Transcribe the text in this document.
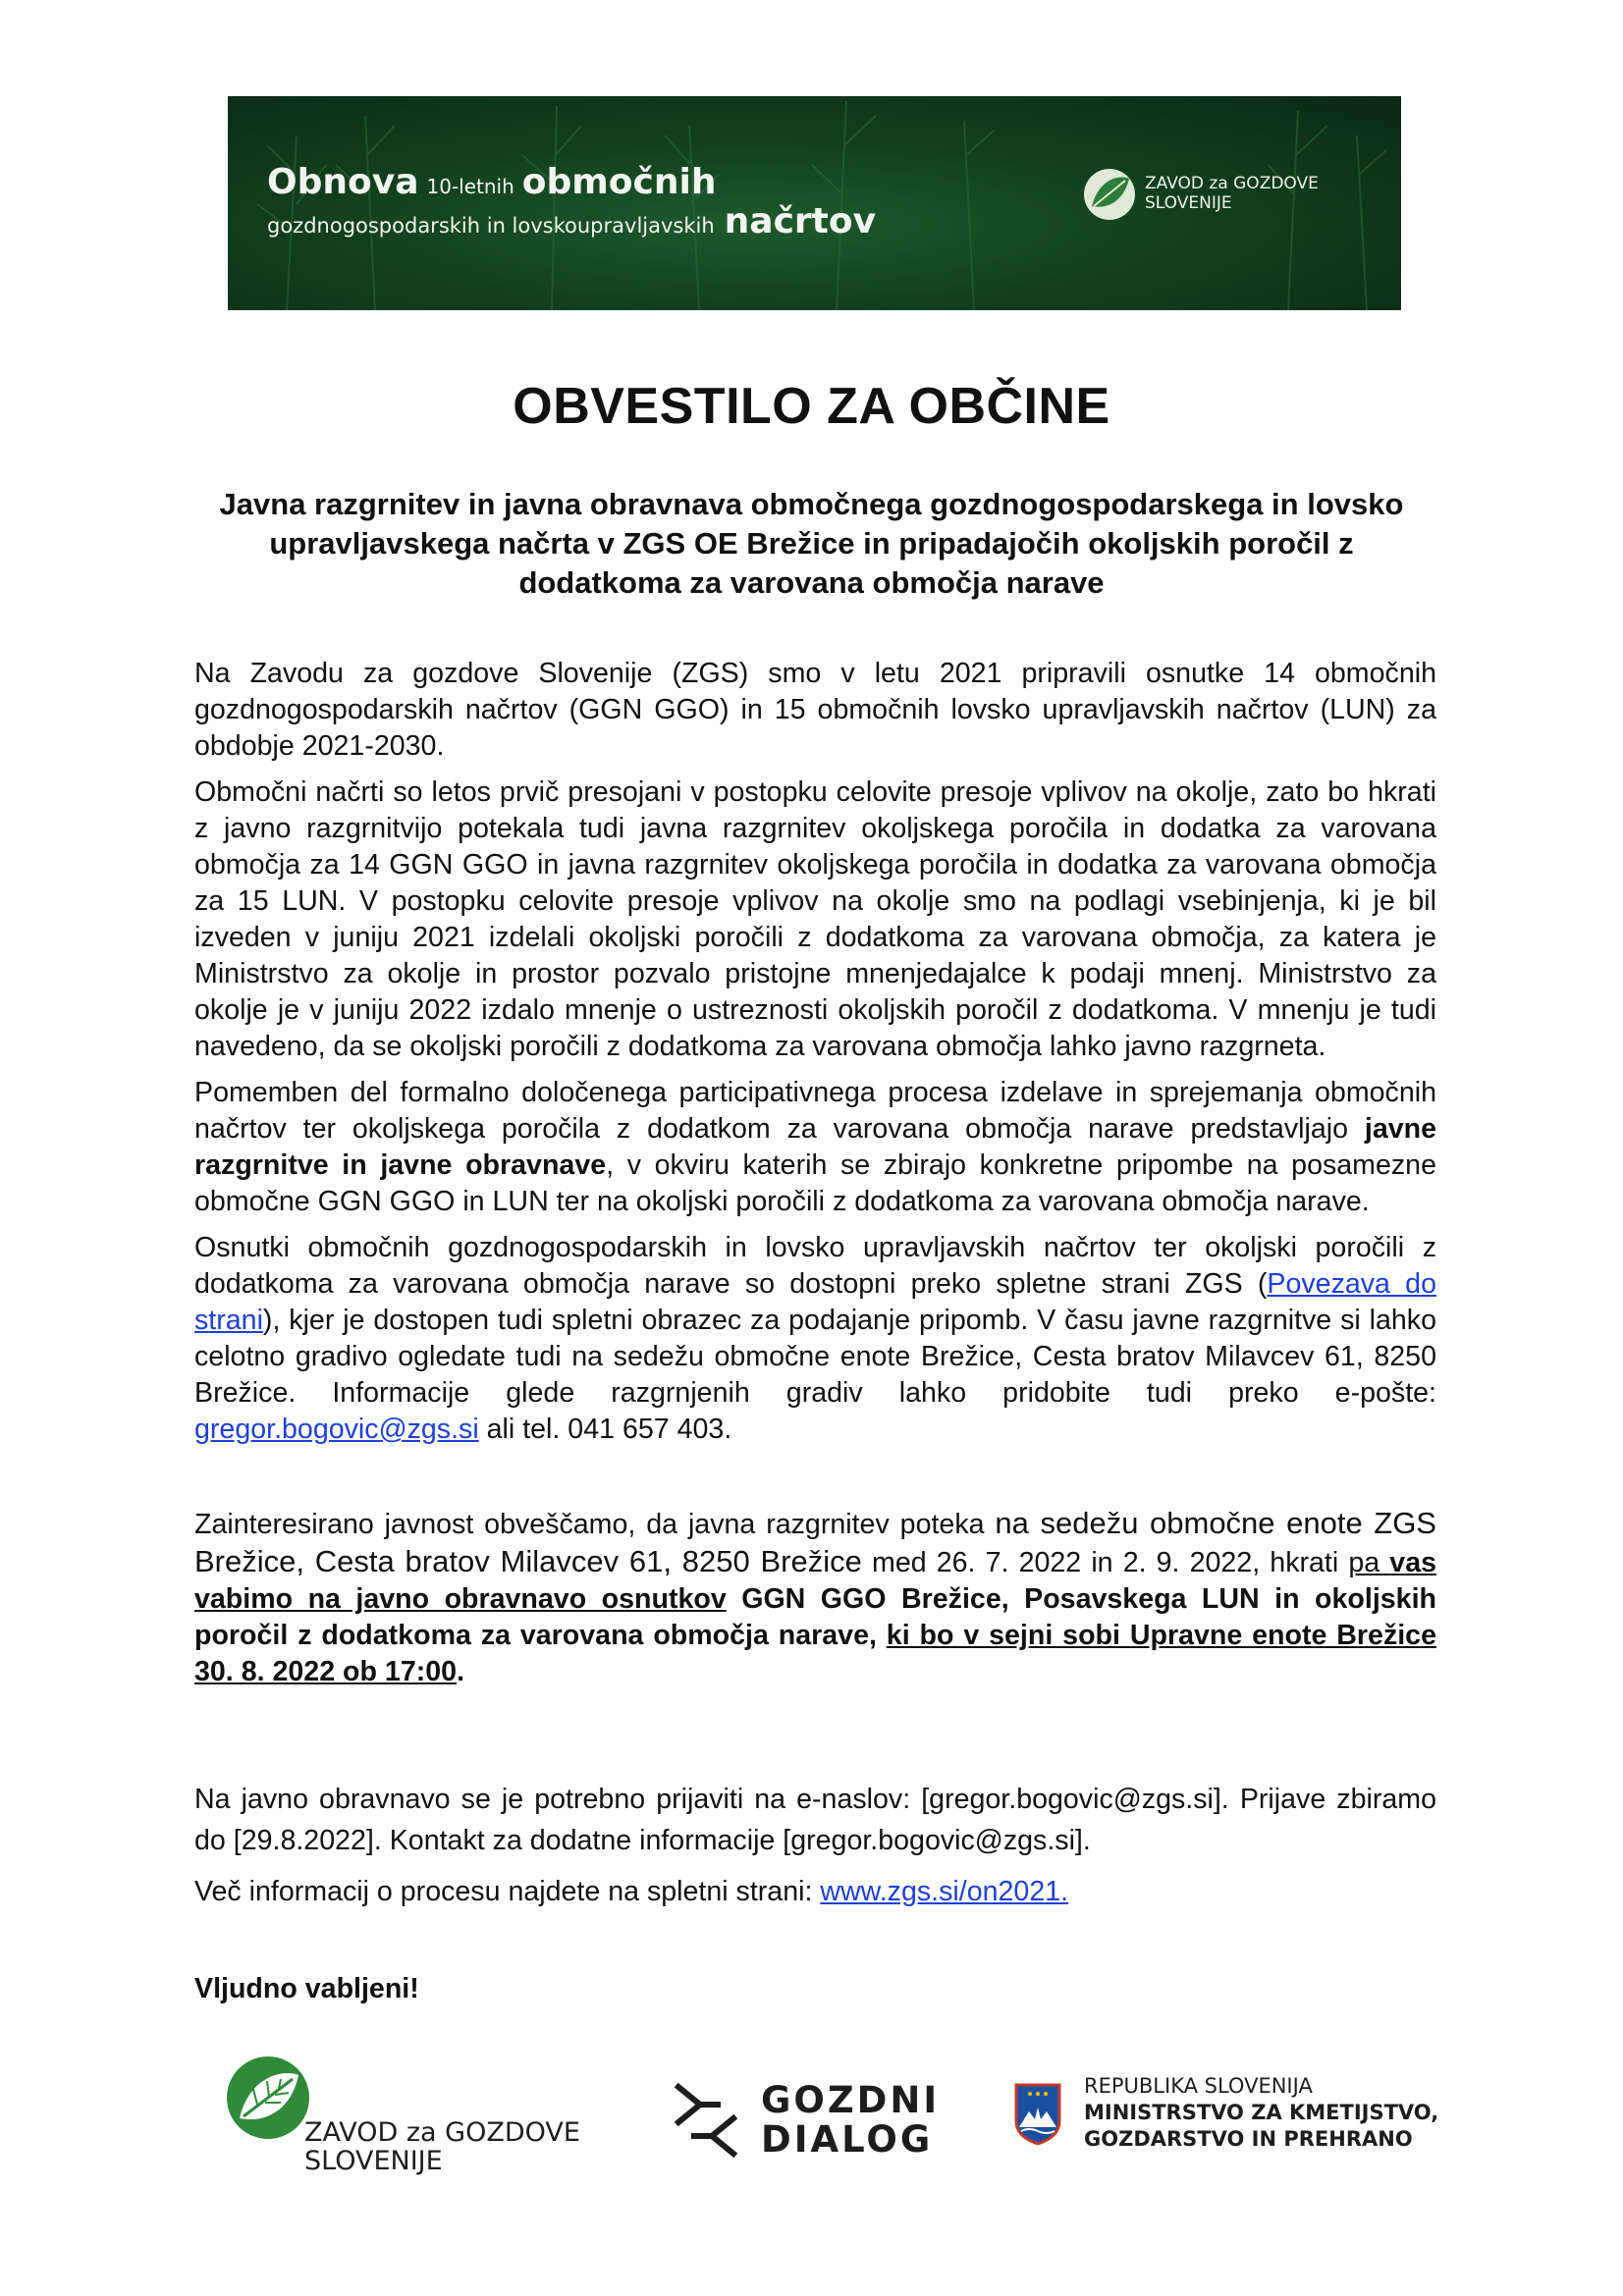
Obnova 10-letnih območnih
gozdnogospodarskih in lovskoupravljavskih načrtov
ZAVOD za GOZDOVE
SLOVENIJE
OBVESTILO ZA OBČINE
Javna razgrnitev in javna obravnava območnega gozdnogospodarskega in lovsko upravljavskega načrta v ZGS OE Brežice in pripadajočih okoljskih poročil z dodatkoma za varovana območja narave

Na Zavodu za gozdove Slovenije (ZGS) smo v letu 2021 pripravili osnutke 14 območnih gozdnogospodarskih načrtov (GGN GGO) in 15 območnih lovsko upravljavskih načrtov (LUN) za obdobje 2021-2030.

Območni načrti so letos prvič presojani v postopku celovite presoje vplivov na okolje, zato bo hkrati z javno razgrnitvijo potekala tudi javna razgrnitev okoljskega poročila in dodatka za varovana območja za 14 GGN GGO in javna razgrnitev okoljskega poročila in dodatka za varovana območja za 15 LUN. V postopku celovite presoje vplivov na okolje smo na podlagi vsebinjenja, ki je bil izveden v juniju 2021 izdelali okoljski poročili z dodatkoma za varovana območja, za katera je Ministrstvo za okolje in prostor pozvalo pristojne mnenjedajalce k podaji mnenj. Ministrstvo za okolje je v juniju 2022 izdalo mnenje o ustreznosti okoljskih poročil z dodatkoma. V mnenju je tudi navedeno, da se okoljski poročili z dodatkoma za varovana območja lahko javno razgrneta.

Pomemben del formalno določenega participativnega procesa izdelave in sprejemanja območnih načrtov ter okoljskega poročila z dodatkom za varovana območja narave predstavljajo javne razgrnitve in javne obravnave, v okviru katerih se zbirajo konkretne pripombe na posamezne območne GGN GGO in LUN ter na okoljski poročili z dodatkoma za varovana območja narave.

Osnutki območnih gozdnogospodarskih in lovsko upravljavskih načrtov ter okoljski poročili z dodatkoma za varovana območja narave so dostopni preko spletne strani ZGS (Povezava do strani), kjer je dostopen tudi spletni obrazec za podajanje pripomb. V času javne razgrnitve si lahko celotno gradivo ogledate tudi na sedežu območne enote Brežice, Cesta bratov Milavcev 61, 8250 Brežice. Informacije glede razgrnjenih gradiv lahko pridobite tudi preko e-pošte: gregor.bogovic@zgs.si ali tel. 041 657 403.

Zainteresirano javnost obveščamo, da javna razgrnitev poteka na sedežu območne enote ZGS Brežice, Cesta bratov Milavcev 61, 8250 Brežice med 26. 7. 2022 in 2. 9. 2022, hkrati pa vas vabimo na javno obravnavo osnutkov GGN GGO Brežice, Posavskega LUN in okoljskih poročil z dodatkoma za varovana območja narave, ki bo v sejni sobi Upravne enote Brežice 30. 8. 2022 ob 17:00.

Na javno obravnavo se je potrebno prijaviti na e-naslov: [gregor.bogovic@zgs.si]. Prijave zbiramo do [29.8.2022]. Kontakt za dodatne informacije [gregor.bogovic@zgs.si].

Več informacij o procesu najdete na spletni strani: www.zgs.si/on2021.

Vljudno vabljeni!
ZAVOD za GOZDOVE
SLOVENIJE
GOZDNI
DIALOG
REPUBLIKA SLOVENIJA
MINISTRSTVO ZA KMETIJSTVO,
GOZDARSTVO IN PREHRANO
